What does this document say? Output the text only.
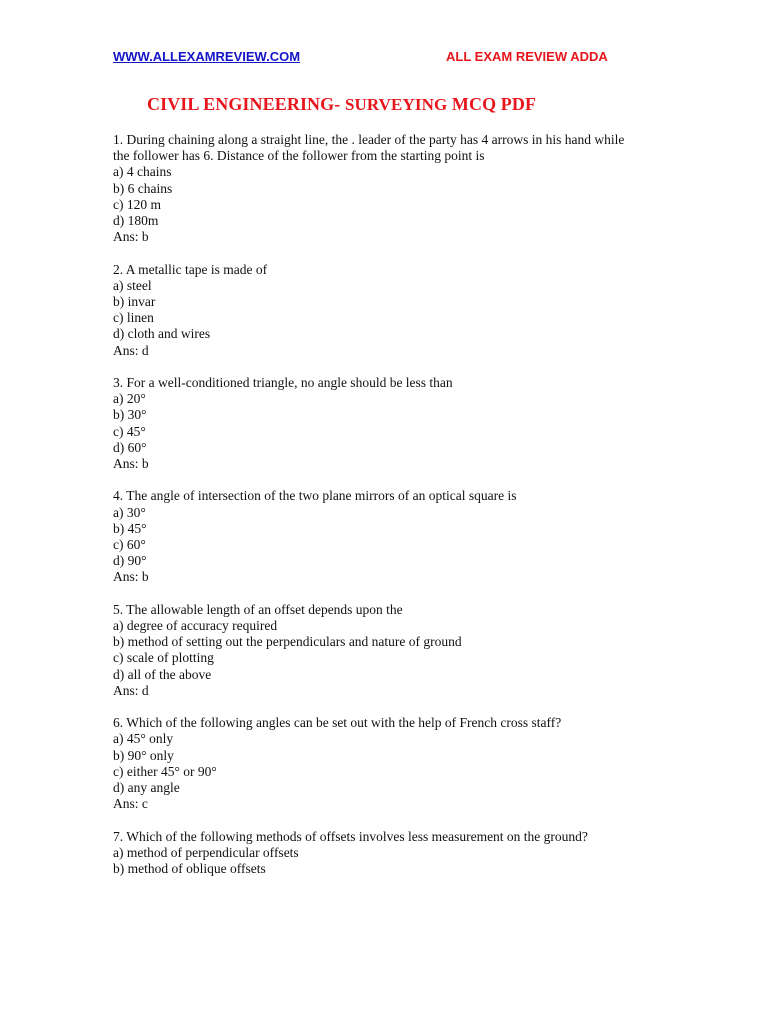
WWW.ALLEXAMREVIEW.COM	ALL EXAM REVIEW ADDA
CIVIL ENGINEERING- SURVEYING MCQ PDF

1. During chaining along a straight line, the . leader of the party has 4 arrows in his hand while

the follower has 6. Distance of the follower from the starting point is

a) 4 chains

b) 6 chains

c) 120 m

d) 180m

Ans: b

2. A metallic tape is made of

a) steel

b) invar

c) linen

d) cloth and wires

Ans: d

3. For a well-conditioned triangle, no angle should be less than

a) 20°

b) 30°

c) 45°

d) 60°

Ans: b

4. The angle of intersection of the two plane mirrors of an optical square is

a) 30°

b) 45°

c) 60°

d) 90°

Ans: b

5. The allowable length of an offset depends upon the

a) degree of accuracy required

b) method of setting out the perpendiculars and nature of ground

c) scale of plotting

d) all of the above

Ans: d

6. Which of the following angles can be set out with the help of French cross staff?

a) 45° only

b) 90° only

c) either 45° or 90°

d) any angle

Ans: c

7. Which of the following methods of offsets involves less measurement on the ground?

a) method of perpendicular offsets

b) method of oblique offsets
